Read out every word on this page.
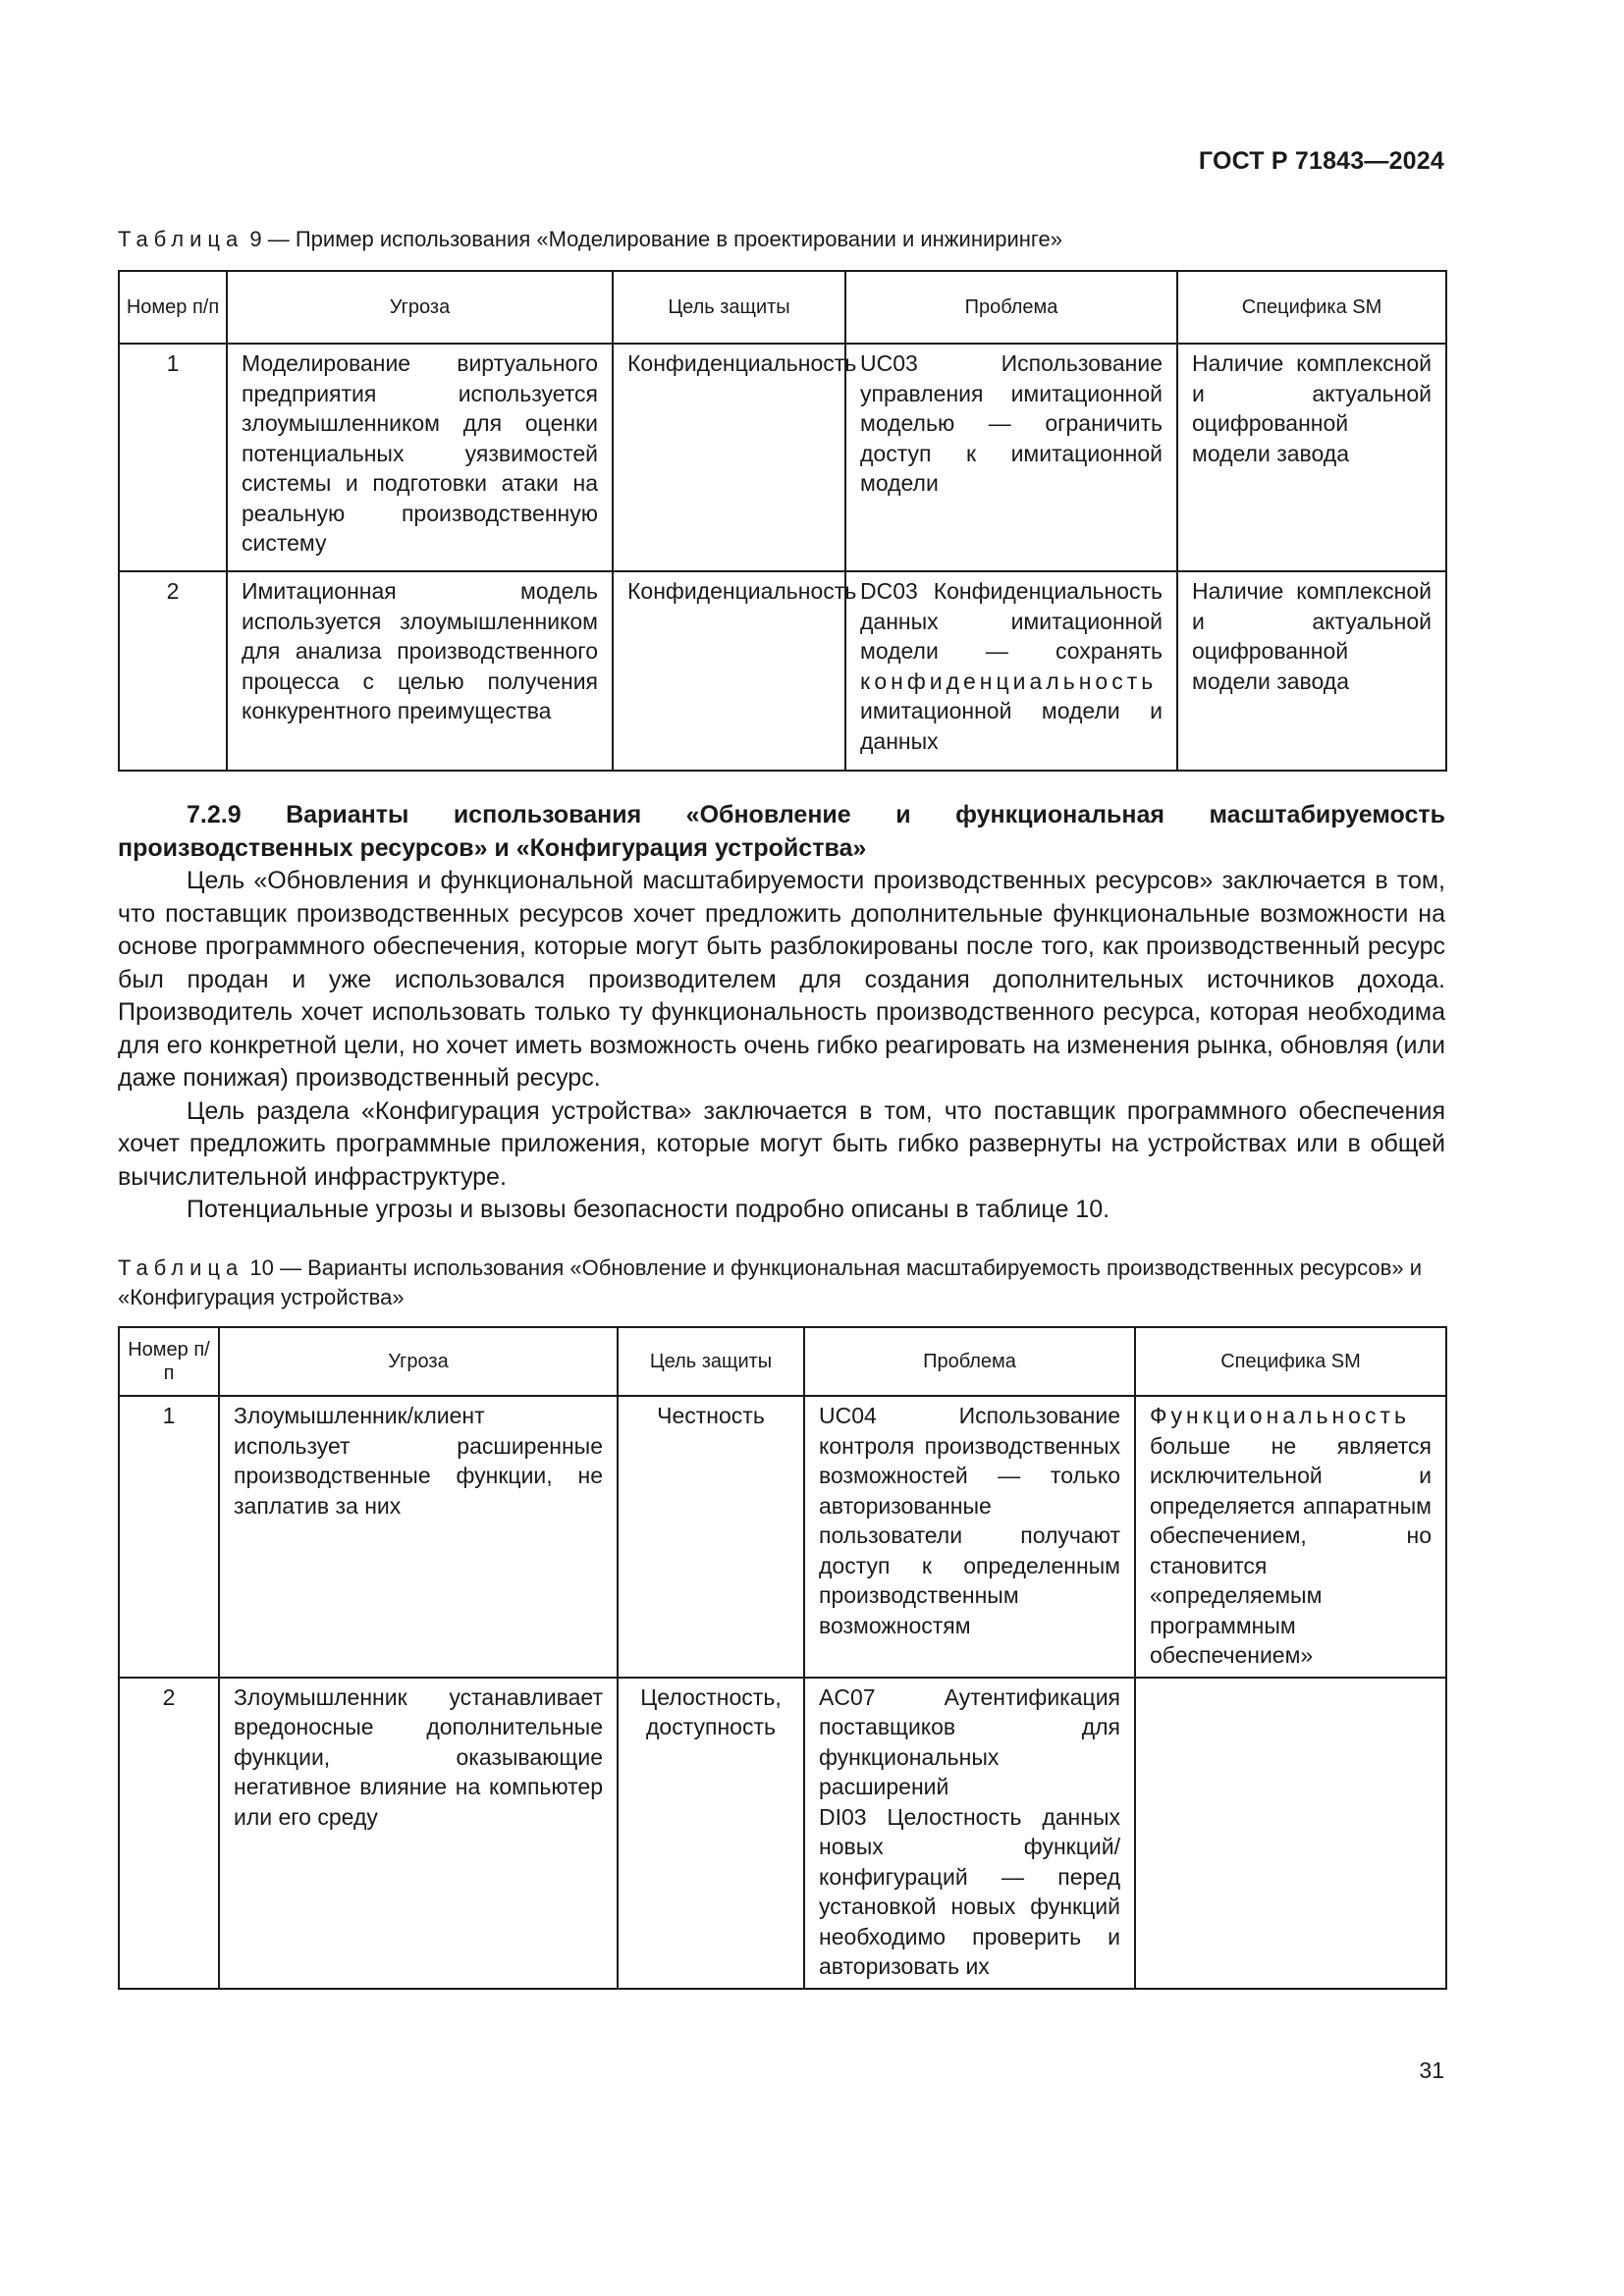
ГОСТ Р 71843—2024
Таблица 9 — Пример использования «Моделирование в проектировании и инжиниринге»
Номер п/п	Угроза	Цель защиты	Проблема	Специфика SM
1	Моделирование виртуального предприятия используется злоумышленником для оценки потенциальных уязвимостей системы и подготовки атаки на реальную производственную систему	Конфиденциальность	UC03 Использование управления имитационной моделью — ограничить доступ к имитационной модели	Наличие комплексной и актуальной оцифрованной модели завода
2	Имитационная модель используется злоумышленником для анализа производственного процесса с целью получения конкурентного преимущества	Конфиденциальность	DC03 Конфиденциальность данных имитационной модели — сохранять конфиденциальность имитационной модели и данных	Наличие комплексной и актуальной оцифрованной модели завода

7.2.9 Варианты использования «Обновление и функциональная масштабируемость производственных ресурсов» и «Конфигурация устройства»

Цель «Обновления и функциональной масштабируемости производственных ресурсов» заключается в том, что поставщик производственных ресурсов хочет предложить дополнительные функциональные возможности на основе программного обеспечения, которые могут быть разблокированы после того, как производственный ресурс был продан и уже использовался производителем для создания дополнительных источников дохода. Производитель хочет использовать только ту функциональность производственного ресурса, которая необходима для его конкретной цели, но хочет иметь возможность очень гибко реагировать на изменения рынка, обновляя (или даже понижая) производственный ресурс.

Цель раздела «Конфигурация устройства» заключается в том, что поставщик программного обеспечения хочет предложить программные приложения, которые могут быть гибко развернуты на устройствах или в общей вычислительной инфраструктуре.

Потенциальные угрозы и вызовы безопасности подробно описаны в таблице 10.

Таблица 10 — Варианты использования «Обновление и функциональная масштабируемость производственных ресурсов» и «Конфигурация устройства»
Номер п/п	Угроза	Цель защиты	Проблема	Специфика SM
1	Злоумышленник/клиент использует расширенные производственные функции, не заплатив за них	Честность	UC04 Использование контроля производственных возможностей — только авторизованные пользователи получают доступ к определенным производственным возможностям	Функциональность больше не является исключительной и определяется аппаратным обеспечением, но становится «определяемым программным обеспечением»
2	Злоумышленник устанавливает вредоносные дополнительные функции, оказывающие негативное влияние на компьютер или его среду	Целостность, доступность	AC07 Аутентификация поставщиков для функциональных расширений
DI03 Целостность данных новых функций/конфигураций — перед установкой новых функций необходимо проверить и авторизовать их	

31
